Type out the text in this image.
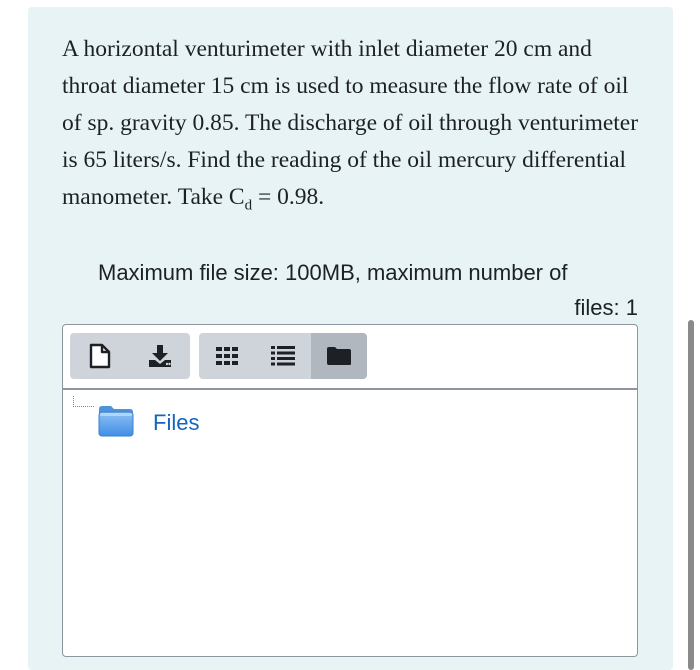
A horizontal venturimeter with inlet diameter 20 cm and throat diameter 15 cm is used to measure the flow rate of oil of sp. gravity 0.85. The discharge of oil through venturimeter is 65 liters/s. Find the reading of the oil mercury differential manometer. Take $C_d = 0.98$.

Maximum file size: 100MB, maximum number of
files: 1
Files
